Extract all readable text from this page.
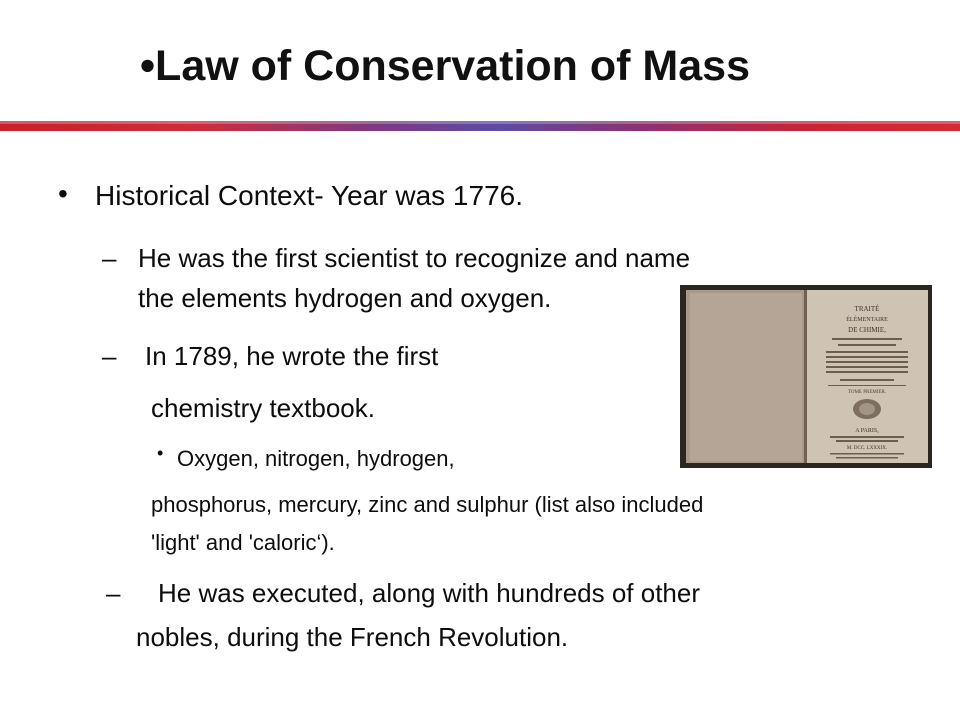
•Law of Conservation of Mass
• Historical Context- Year was 1776.
– He was the first scientist to recognize and name
the elements hydrogen and oxygen.
– In 1789, he wrote the first
chemistry textbook.
• Oxygen, nitrogen, hydrogen,
phosphorus, mercury, zinc and sulphur (list also included
'light' and 'caloric‘).
– He was executed, along with hundreds of other
nobles, during the French Revolution.
TRAITÉ
ÉLÉMENTAIRE
DE CHIMIE,
TOME PREMIER.
A PARIS,
M. DCC. LXXXIX.
